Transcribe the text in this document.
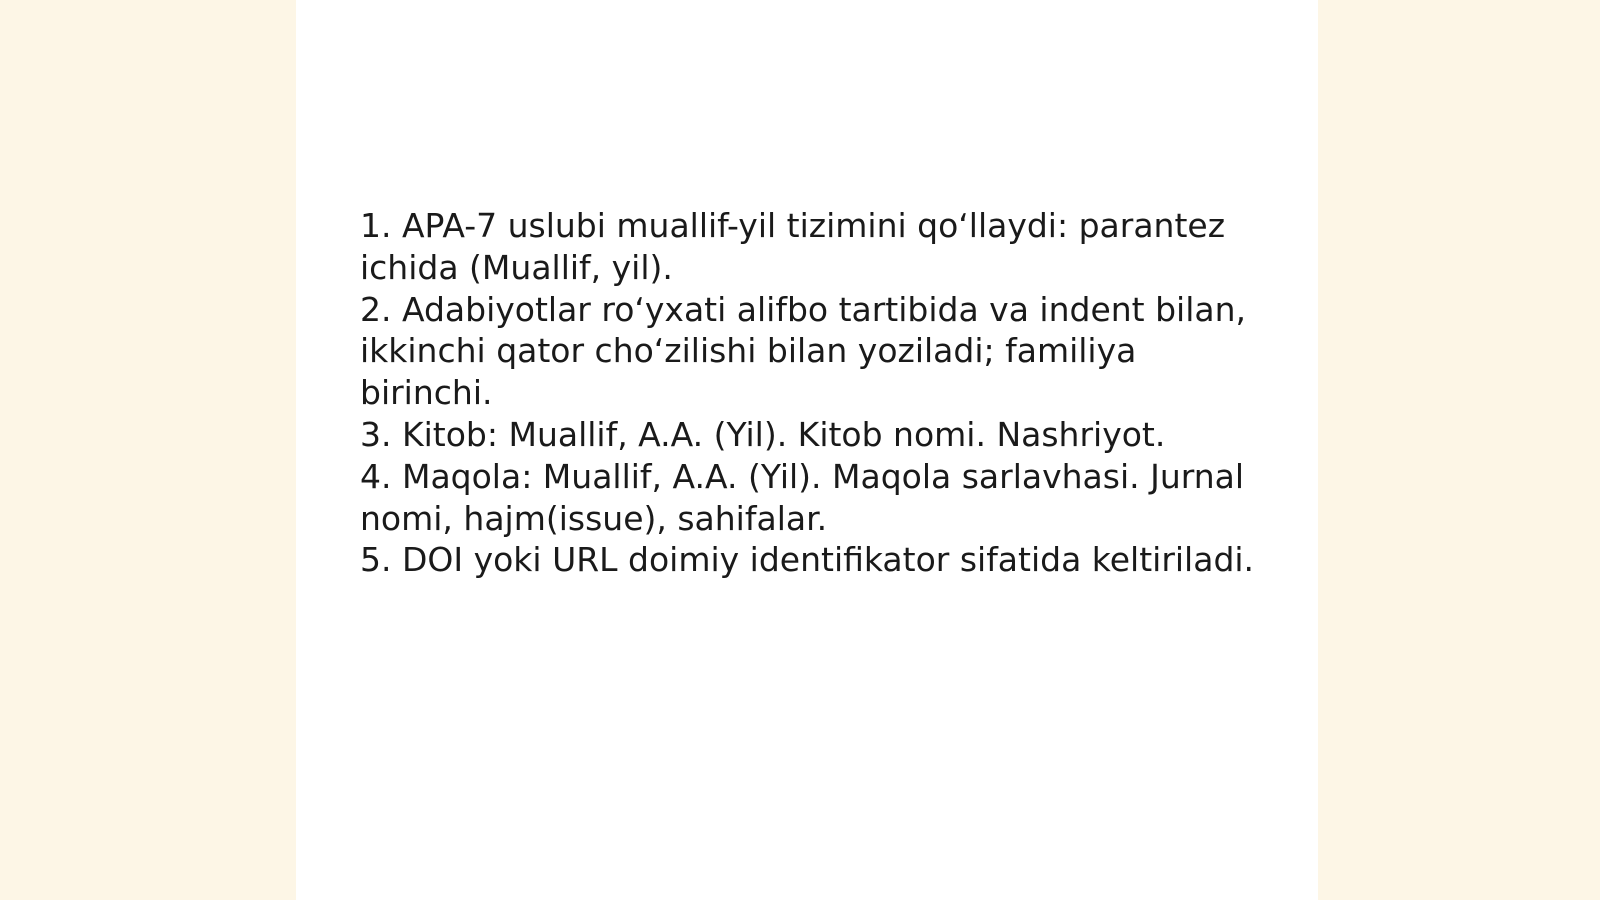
1. APA-7 uslubi muallif-yil tizimini qo‘llaydi: parantez ichida (Muallif, yil).
2. Adabiyotlar ro‘yxati alifbo tartibida va indent bilan, ikkinchi qator cho‘zilishi bilan yoziladi; familiya birinchi.
3. Kitob: Muallif, A.A. (Yil). Kitob nomi. Nashriyot.
4. Maqola: Muallif, A.A. (Yil). Maqola sarlavhasi. Jurnal nomi, hajm(issue), sahifalar.
5. DOI yoki URL doimiy identifikator sifatida keltiriladi.
